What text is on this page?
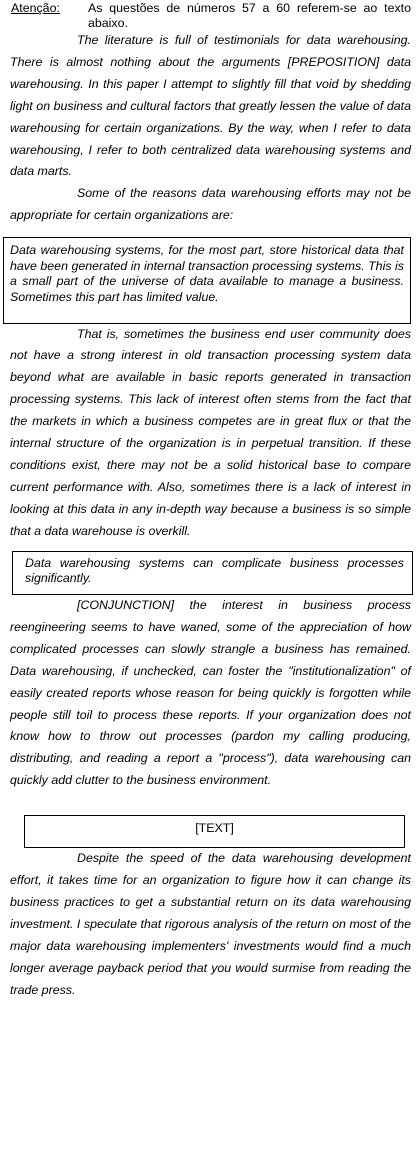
Atenção:	As questões de números 57 a 60 referem-se ao texto abaixo.

The literature is full of testimonials for data warehousing. There is almost nothing about the arguments [PREPOSITION] data warehousing. In this paper I attempt to slightly fill that void by shedding light on business and cultural factors that greatly lessen the value of data warehousing for certain organizations. By the way, when I refer to data warehousing, I refer to both centralized data warehousing systems and data marts.

Some of the reasons data warehousing efforts may not be appropriate for certain organizations are:

Data warehousing systems, for the most part, store historical data that have been generated in internal transaction processing systems. This is a small part of the universe of data available to manage a business. Sometimes this part has limited value.

That is, sometimes the business end user community does not have a strong interest in old transaction processing system data beyond what are available in basic reports generated in transaction processing systems. This lack of interest often stems from the fact that the markets in which a business competes are in great flux or that the internal structure of the organization is in perpetual transition. If these conditions exist, there may not be a solid historical base to compare current performance with. Also, sometimes there is a lack of interest in looking at this data in any in-depth way because a business is so simple that a data warehouse is overkill.

Data warehousing systems can complicate business processes significantly.

[CONJUNCTION] the interest in business process reengineering seems to have waned, some of the appreciation of how complicated processes can slowly strangle a business has remained. Data warehousing, if unchecked, can foster the "institutionalization" of easily created reports whose reason for being quickly is forgotten while people still toil to process these reports. If your organization does not know how to throw out processes (pardon my calling producing, distributing, and reading a report a "process"), data warehousing can quickly add clutter to the business environment.

[TEXT]

Despite the speed of the data warehousing development effort, it takes time for an organization to figure how it can change its business practices to get a substantial return on its data warehousing investment. I speculate that rigorous analysis of the return on most of the major data warehousing implementers' investments would find a much longer average payback period that you would surmise from reading the trade press.
